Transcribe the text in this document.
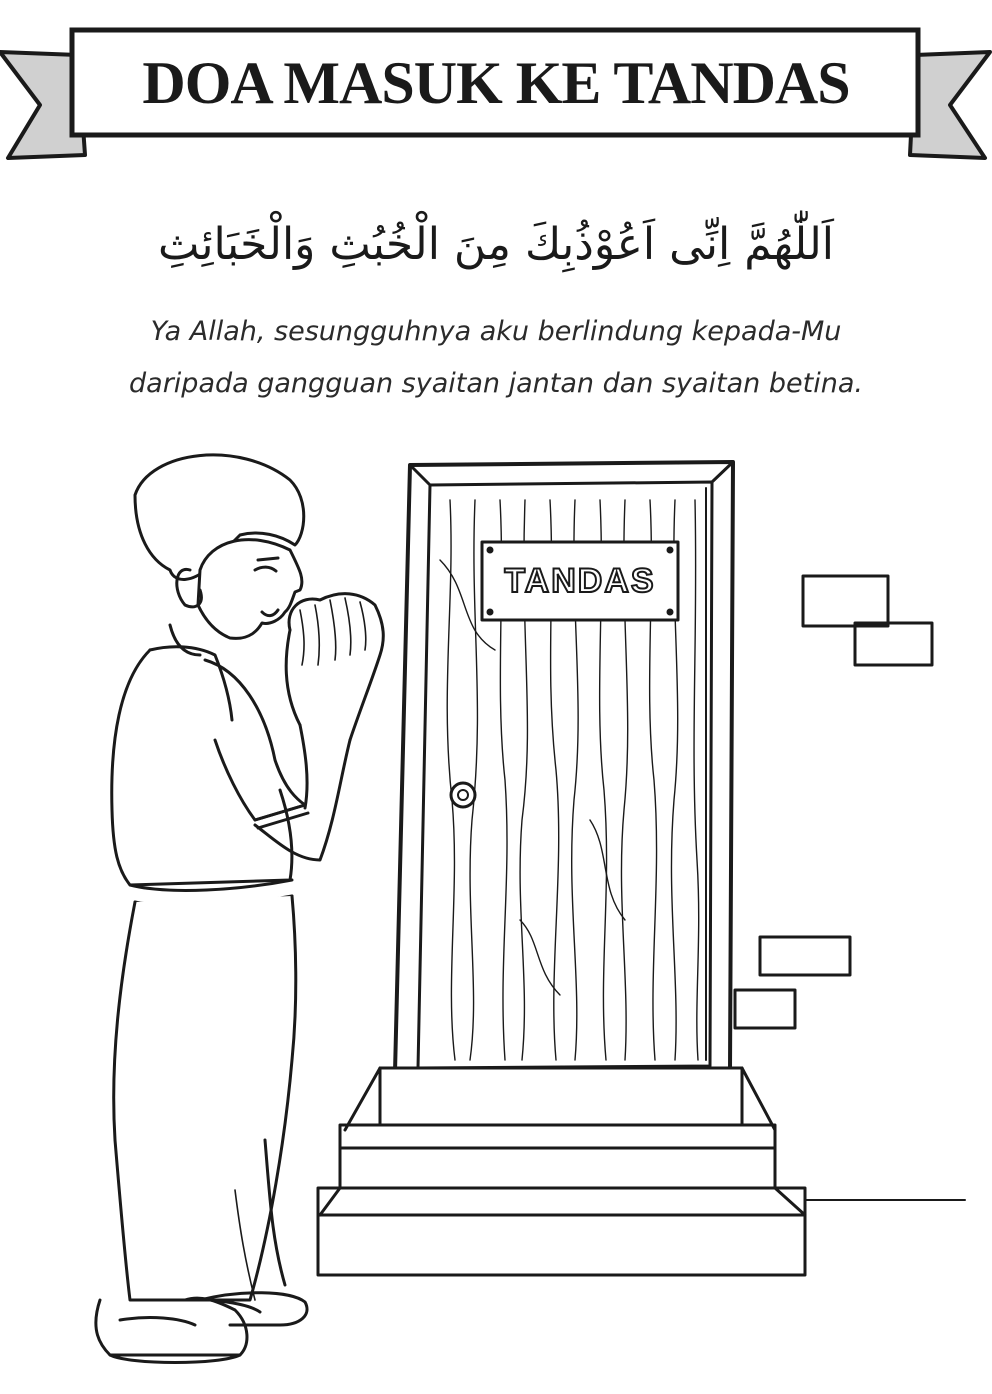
DOA MASUK KE TANDAS
اَللّٰهُمَّ اِنِّى اَعُوْذُبِكَ مِنَ الْخُبُثِ وَالْخَبَائِثِ
Ya Allah, sesungguhnya aku berlindung kepada-Mu
daripada gangguan syaitan jantan dan syaitan betina.
TANDAS
